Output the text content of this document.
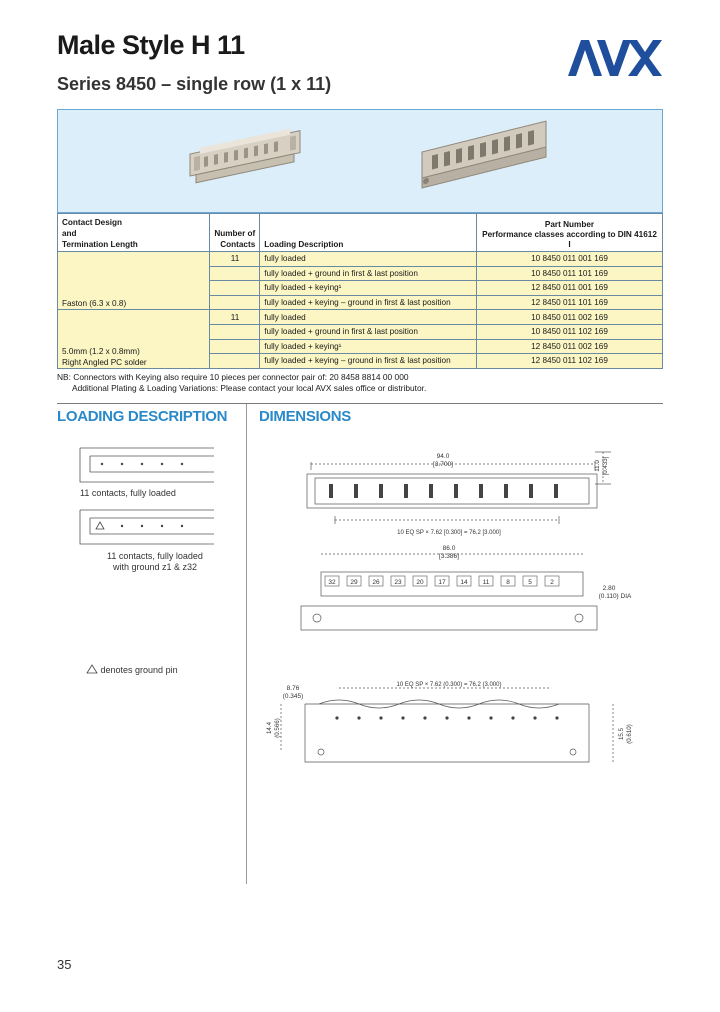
Male Style H 11
Series 8450 – single row (1 x 11)
Contact Design
and
Termination Length	Number of
Contacts	Loading Description	Part Number
Performance classes according to DIN 41612
I
Faston (6.3 x 0.8)	11	fully loaded	10 8450 011 001 169
		fully loaded + ground in first & last position	10 8450 011 101 169
		fully loaded + keying¹	12 8450 011 001 169
		fully loaded + keying – ground in first & last position	12 8450 011 101 169

5.0mm (1.2 x 0.8mm)
Right Angled PC solder	11	fully loaded	10 8450 011 002 169
		fully loaded + ground in first & last position	10 8450 011 102 169
		fully loaded + keying¹	12 8450 011 002 169
		fully loaded + keying – ground in first & last position	12 8450 011 102 169
NB: Connectors with Keying also require 10 pieces per connector pair of: 20 8458 8814 00 000
Additional Plating & Loading Variations: Please contact your local AVX sales office or distributor.
LOADING DESCRIPTION DIMENSIONS
11 contacts, fully loaded
11 contacts, fully loaded
with ground z1 & z32
denotes ground pin
94.0
[3.700]
10 EQ SP × 7.62 [0.300] = 76.2 [3.000]
86.0
[3.386]
10 EQ SP × 7.62 (0.300) = 76.2 (3.000)
8.76
(0.345)
2.80
(0.110) DIA
11.0 [0.433]
14.4 (0.566)	15.5 (0.610)
32 29 26 23 20 17 14 11	8	5	2
35
